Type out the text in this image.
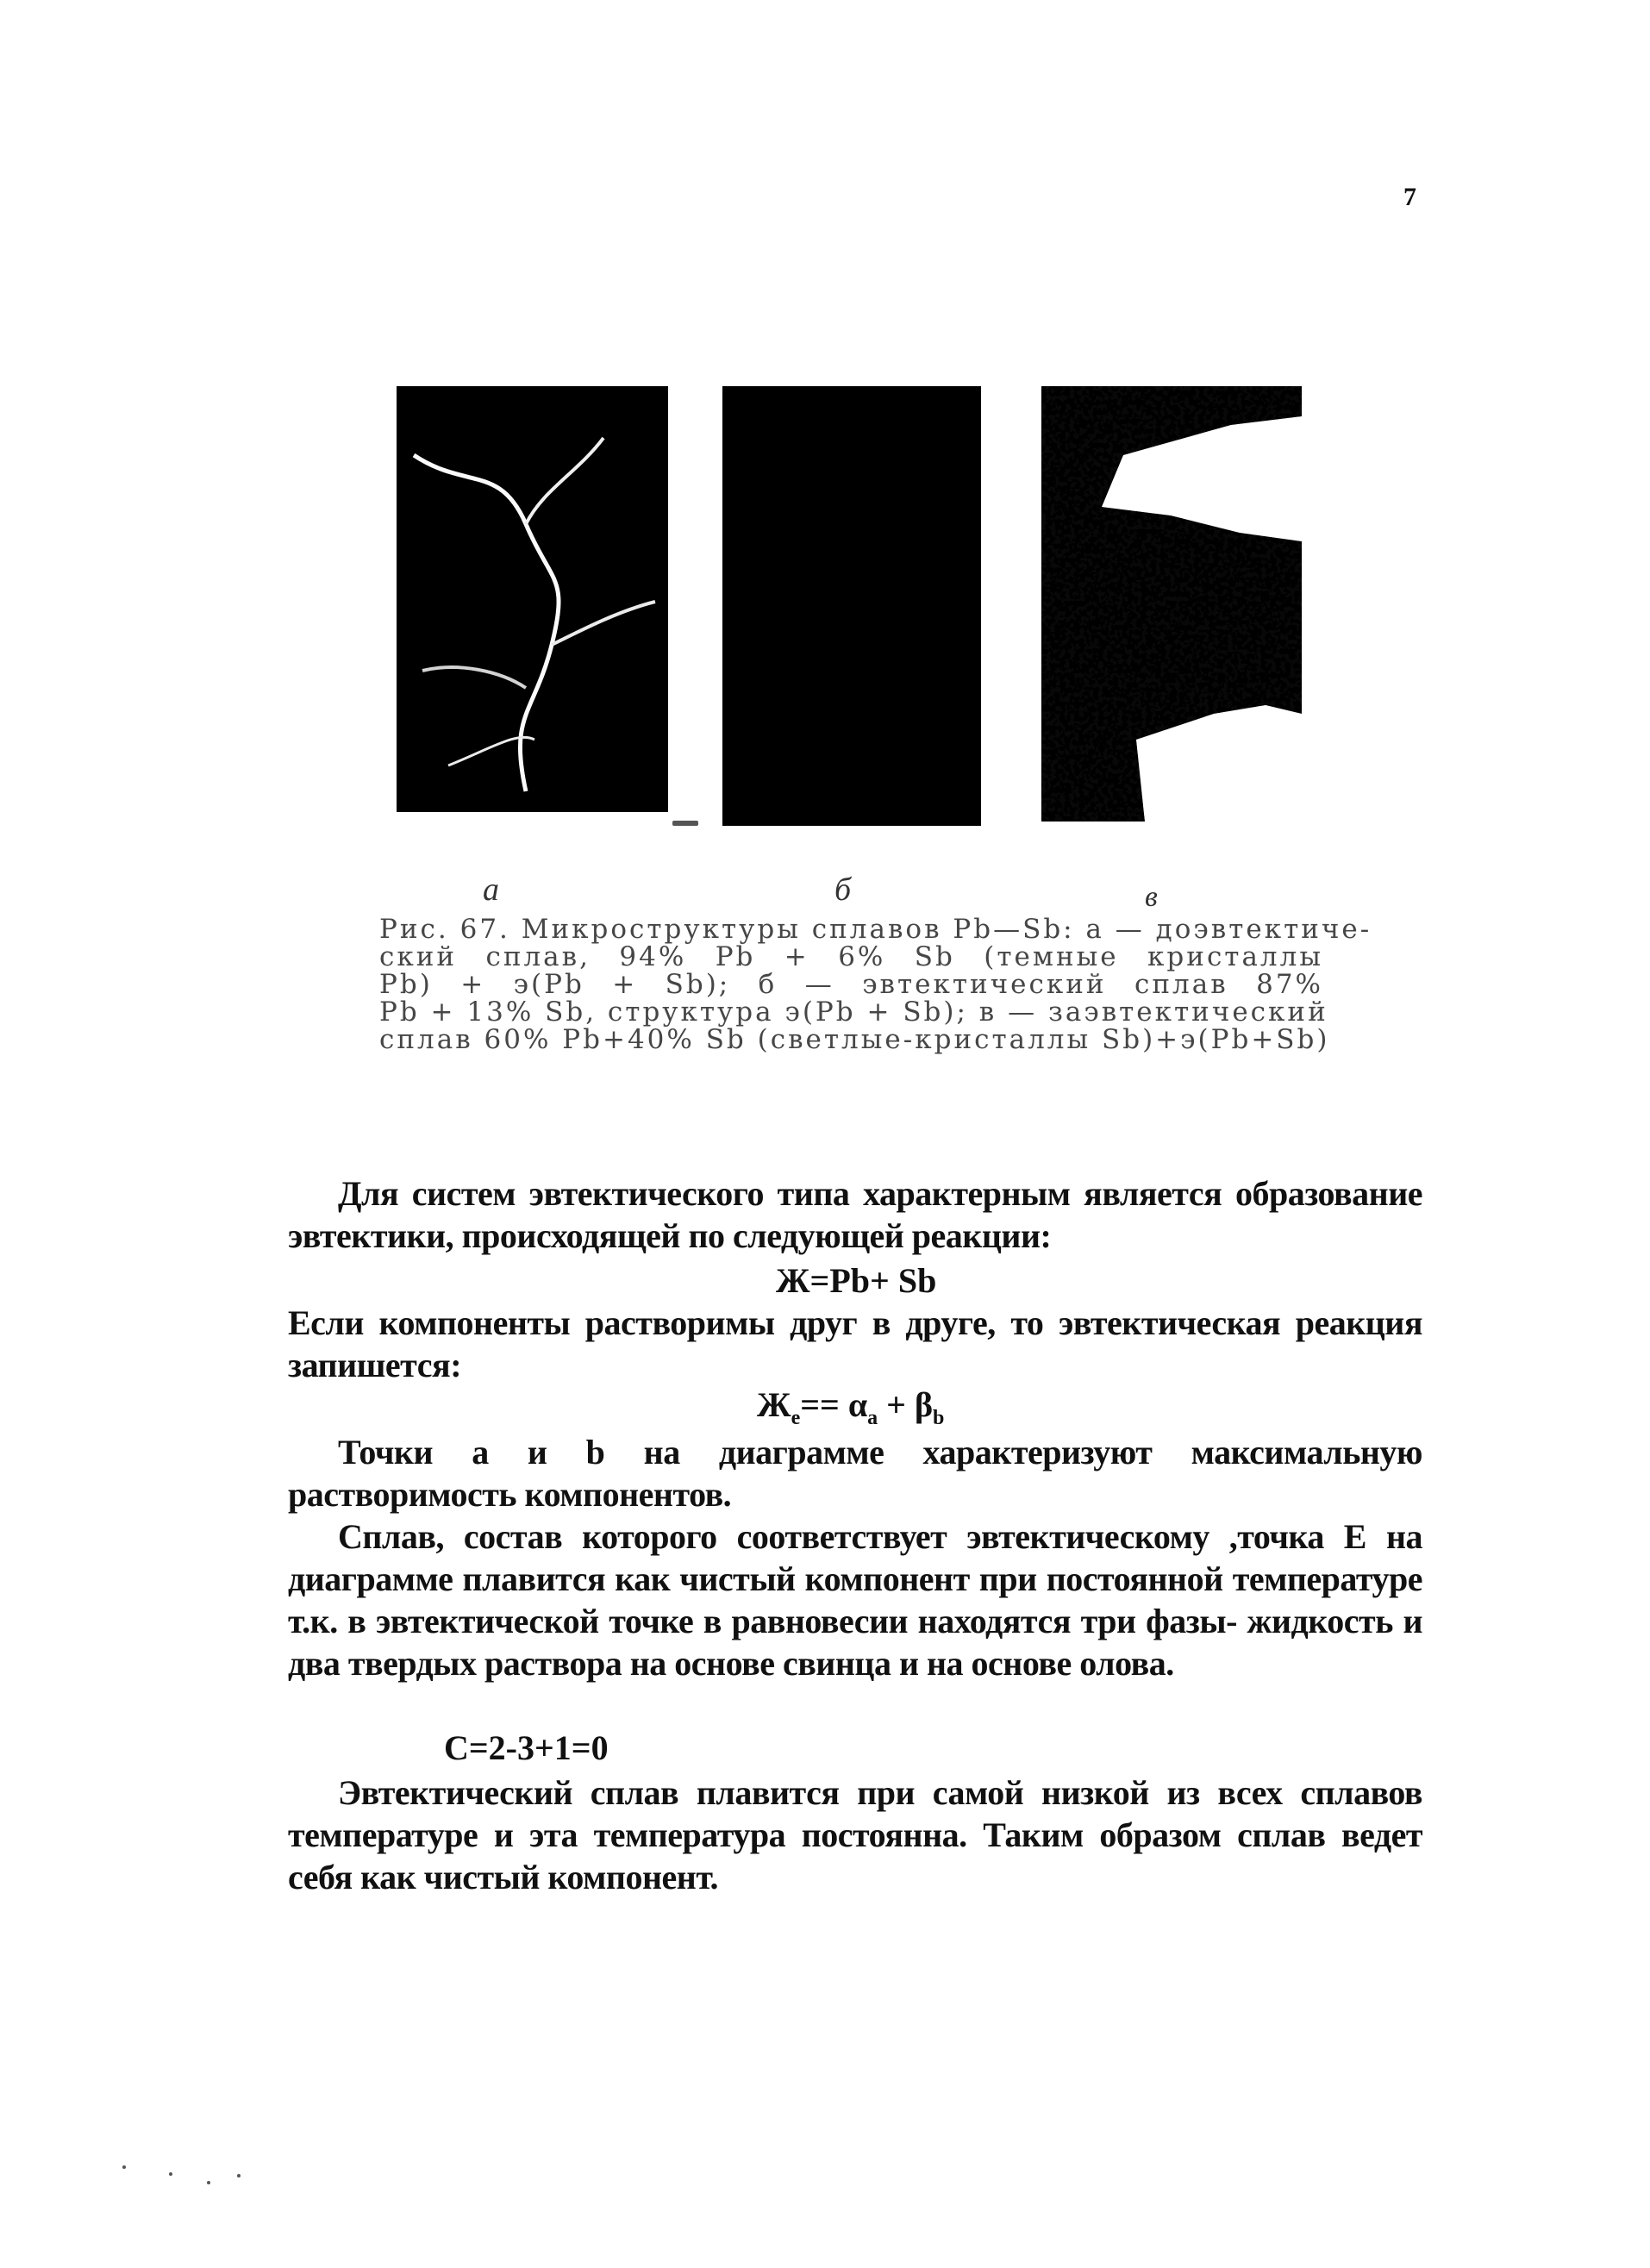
7
а	б	в
Рис. 67. Микроструктуры сплавов Pb—Sb: а — доэвтектиче-
ский сплав, 94% Pb + 6% Sb (темные кристаллы
Pb) + э(Pb + Sb); б — эвтектический сплав 87%
Pb + 13% Sb, структура э(Pb + Sb); в — заэвтектический
сплав 60% Pb+40% Sb (светлые-кристаллы Sb)+э(Pb+Sb)

Для систем эвтектического типа характерным является образование эвтектики, происходящей по следующей реакции:

Ж=Pb+ Sb

Если компоненты растворимы друг в друге, то эвтектическая реакция запишется:

$Ж_e== \alpha_a + \beta_b$

Точки a и b на диаграмме характеризуют максимальную растворимость компонентов.

Сплав, состав которого соответствует эвтектическому ,точка Е на диаграмме плавится как чистый компонент при постоянной температуре т.к. в эвтектической точке в равновесии находятся три фазы- жидкость и два твердых раствора на основе свинца и на основе олова.

С=2-3+1=0

Эвтектический сплав плавится при самой низкой из всех сплавов температуре и эта температура постоянна. Таким образом сплав ведет себя как чистый компонент.
